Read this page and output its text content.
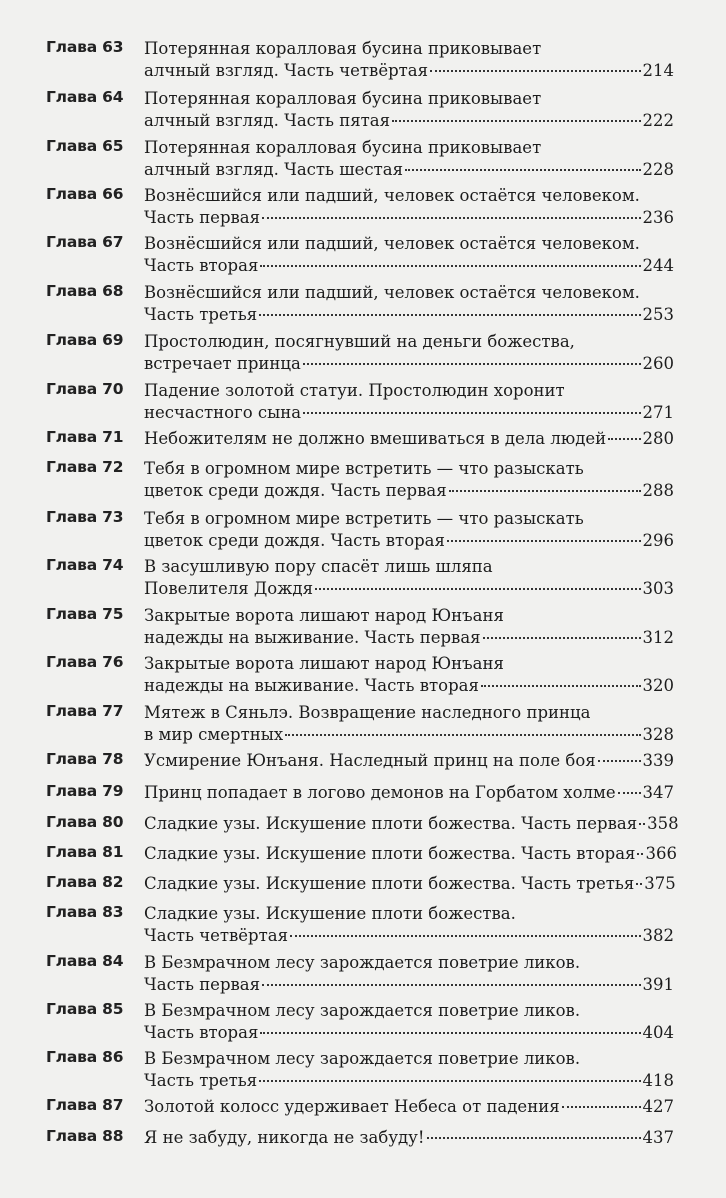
Глава 63 Потерянная коралловая бусина приковывает
алчный взгляд. Часть четвёртая	214
Глава 64 Потерянная коралловая бусина приковывает
алчный взгляд. Часть пятая	222
Глава 65 Потерянная коралловая бусина приковывает
алчный взгляд. Часть шестая	228
Глава 66 Вознёсшийся или падший, человек остаётся человеком.
Часть первая	236
Глава 67 Вознёсшийся или падший, человек остаётся человеком.
Часть вторая	244
Глава 68 Вознёсшийся или падший, человек остаётся человеком.
Часть третья	253
Глава 69 Простолюдин, посягнувший на деньги божества,
встречает принца	260
Глава 70 Падение золотой статуи. Простолюдин хоронит
несчастного сына	271
Глава 71 Небожителям не должно вмешиваться в дела людей 280
Глава 72 Тебя в огромном мире встретить — что разыскать
цветок среди дождя. Часть первая	288
Глава 73 Тебя в огромном мире встретить — что разыскать
цветок среди дождя. Часть вторая	296
Глава 74 В засушливую пору спасёт лишь шляпа
Повелителя Дождя	303
Глава 75 Закрытые ворота лишают народ Юнъаня
надежды на выживание. Часть первая	312
Глава 76 Закрытые ворота лишают народ Юнъаня
надежды на выживание. Часть вторая	320
Глава 77 Мятеж в Сяньлэ. Возвращение наследного принца
в мир смертных	328
Глава 78 Усмирение Юнъаня. Наследный принц на поле боя	339
Глава 79 Принц попадает в логово демонов на Горбатом холме 347
Глава 80 Сладкие узы. Искушение плоти божества. Часть первая 358
Глава 81 Сладкие узы. Искушение плоти божества. Часть вторая 366
Глава 82 Сладкие узы. Искушение плоти божества. Часть третья 375
Глава 83 Сладкие узы. Искушение плоти божества.
Часть четвёртая	382
Глава 84 В Безмрачном лесу зарождается поветрие ликов.
Часть первая	391
Глава 85 В Безмрачном лесу зарождается поветрие ликов.
Часть вторая	404
Глава 86 В Безмрачном лесу зарождается поветрие ликов.
Часть третья	418
Глава 87 Золотой колосс удерживает Небеса от падения	427
Глава 88 Я не забуду, никогда не забуду!	437
